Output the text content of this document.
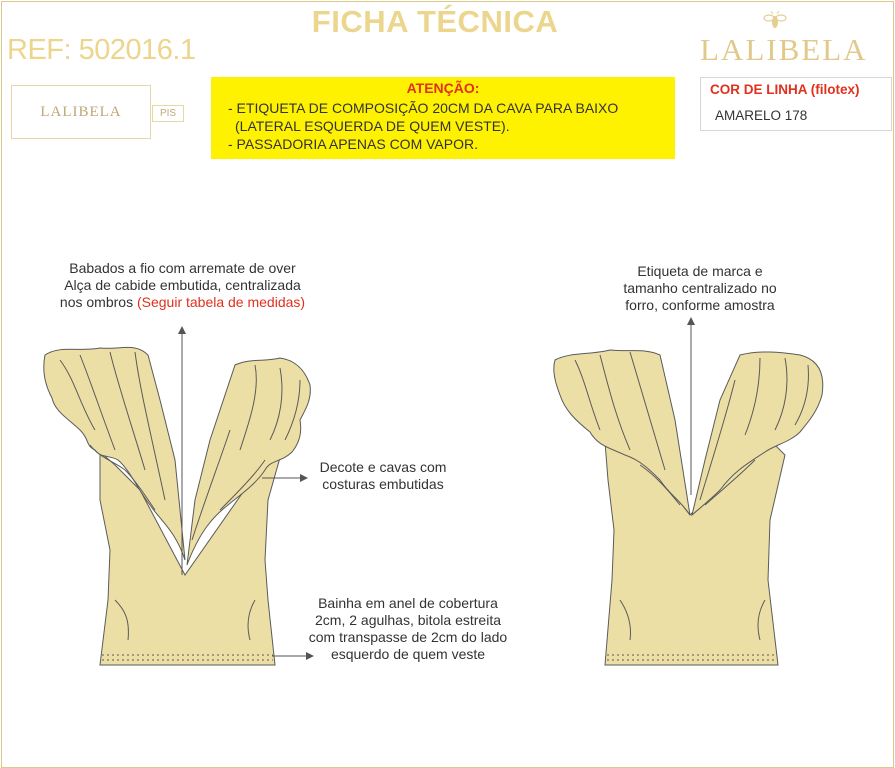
FICHA TÉCNICA
REF: 502016.1	LALIBELA
LALIBELA	PIS
ATENÇÃO:
- ETIQUETA DE COMPOSIÇÃO 20CM DA CAVA PARA BAIXO
(LATERAL ESQUERDA DE QUEM VESTE).
- PASSADORIA APENAS COM VAPOR.
COR DE LINHA (filotex)
AMARELO 178
Babados a fio com arremate de over
Alça de cabide embutida, centralizada
nos ombros (Seguir tabela de medidas)
Decote e cavas com
costuras embutidas
Bainha em anel de cobertura
2cm, 2 agulhas, bitola estreita
com transpasse de 2cm do lado
esquerdo de quem veste
Etiqueta de marca e
tamanho centralizado no
forro, conforme amostra
